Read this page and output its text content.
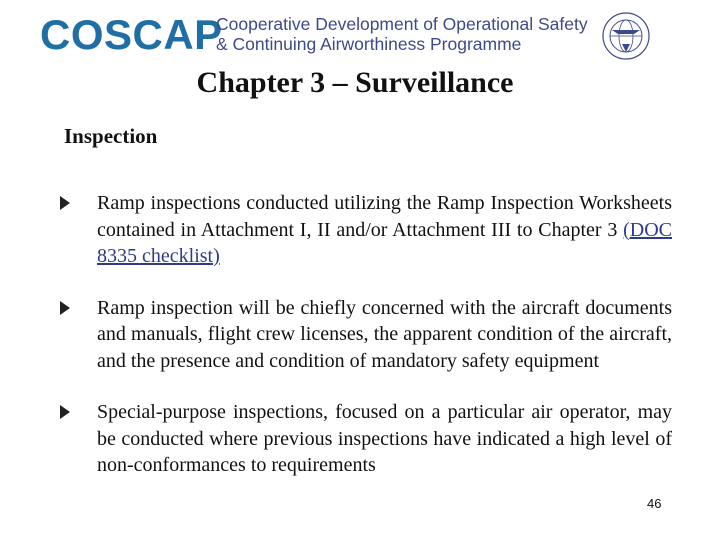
COSCAP
Cooperative Development of Operational Safety
& Continuing Airworthiness Programme
Chapter 3 – Surveillance
Inspection
Ramp inspections conducted utilizing the Ramp Inspection Worksheets contained in Attachment I, II and/or Attachment III to Chapter 3 (DOC 8335 checklist)
Ramp inspection will be chiefly concerned with the aircraft documents and manuals, flight crew licenses, the apparent condition of the aircraft, and the presence and condition of mandatory safety equipment
Special-purpose inspections, focused on a particular air operator, may be conducted where previous inspections have indicated a high level of non-conformances to requirements
46
